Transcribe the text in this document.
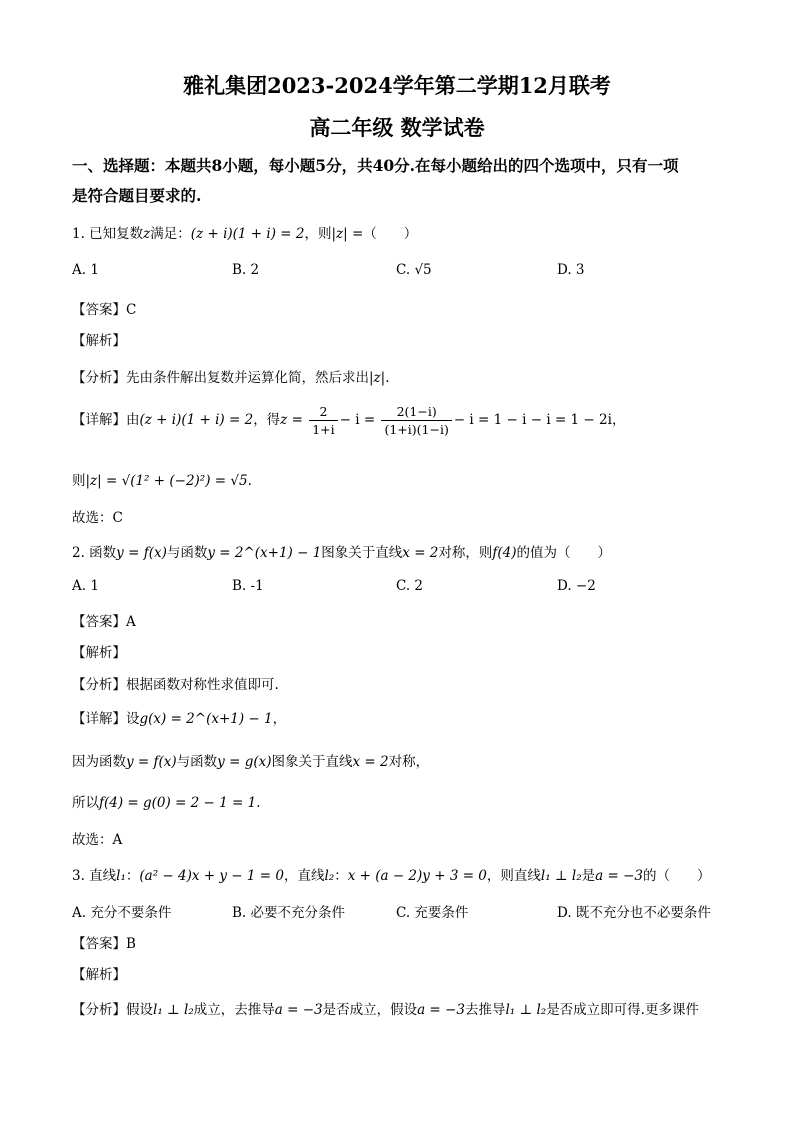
雅礼集团2023-2024学年第二学期12月联考
高二年级 数学试卷
一、选择题：本题共8小题，每小题5分，共40分.在每小题给出的四个选项中，只有一项
是符合题目要求的.
1. 已知复数z满足：(z + i)(1 + i) = 2，则|z| =（　　）
A. 1	B. 2	C. √5	D. 3
【答案】C
【解析】
【分析】先由条件解出复数并运算化简，然后求出|z|.
【详解】由(z + i)(1 + i) = 2，得$z = \frac{2}{1+i} - i = \frac{2(1-i)}{(1+i)(1-i)} - i = 1 - i - i = 1 - 2i$，
则|z| = √(1² + (−2)²) = √5.
故选：C
2. 函数y = f(x)与函数y = 2^(x+1) − 1图象关于直线x = 2对称，则f(4)的值为（　　）
A. 1	B. -1	C. 2	D. −2
【答案】A
【解析】
【分析】根据函数对称性求值即可.
【详解】设g(x) = 2^(x+1) − 1，
因为函数y = f(x)与函数y = g(x)图象关于直线x = 2对称，
所以f(4) = g(0) = 2 − 1 = 1.
故选：A
3. 直线l₁：(a² − 4)x + y − 1 = 0，直线l₂：x + (a − 2)y + 3 = 0，则直线l₁ ⊥ l₂是a = −3的（　　）
A. 充分不要条件	B. 必要不充分条件	C. 充要条件	D. 既不充分也不必要条件
【答案】B
【解析】
【分析】假设l₁ ⊥ l₂成立，去推导a = −3是否成立，假设a = −3去推导l₁ ⊥ l₂是否成立即可得.更多课件
